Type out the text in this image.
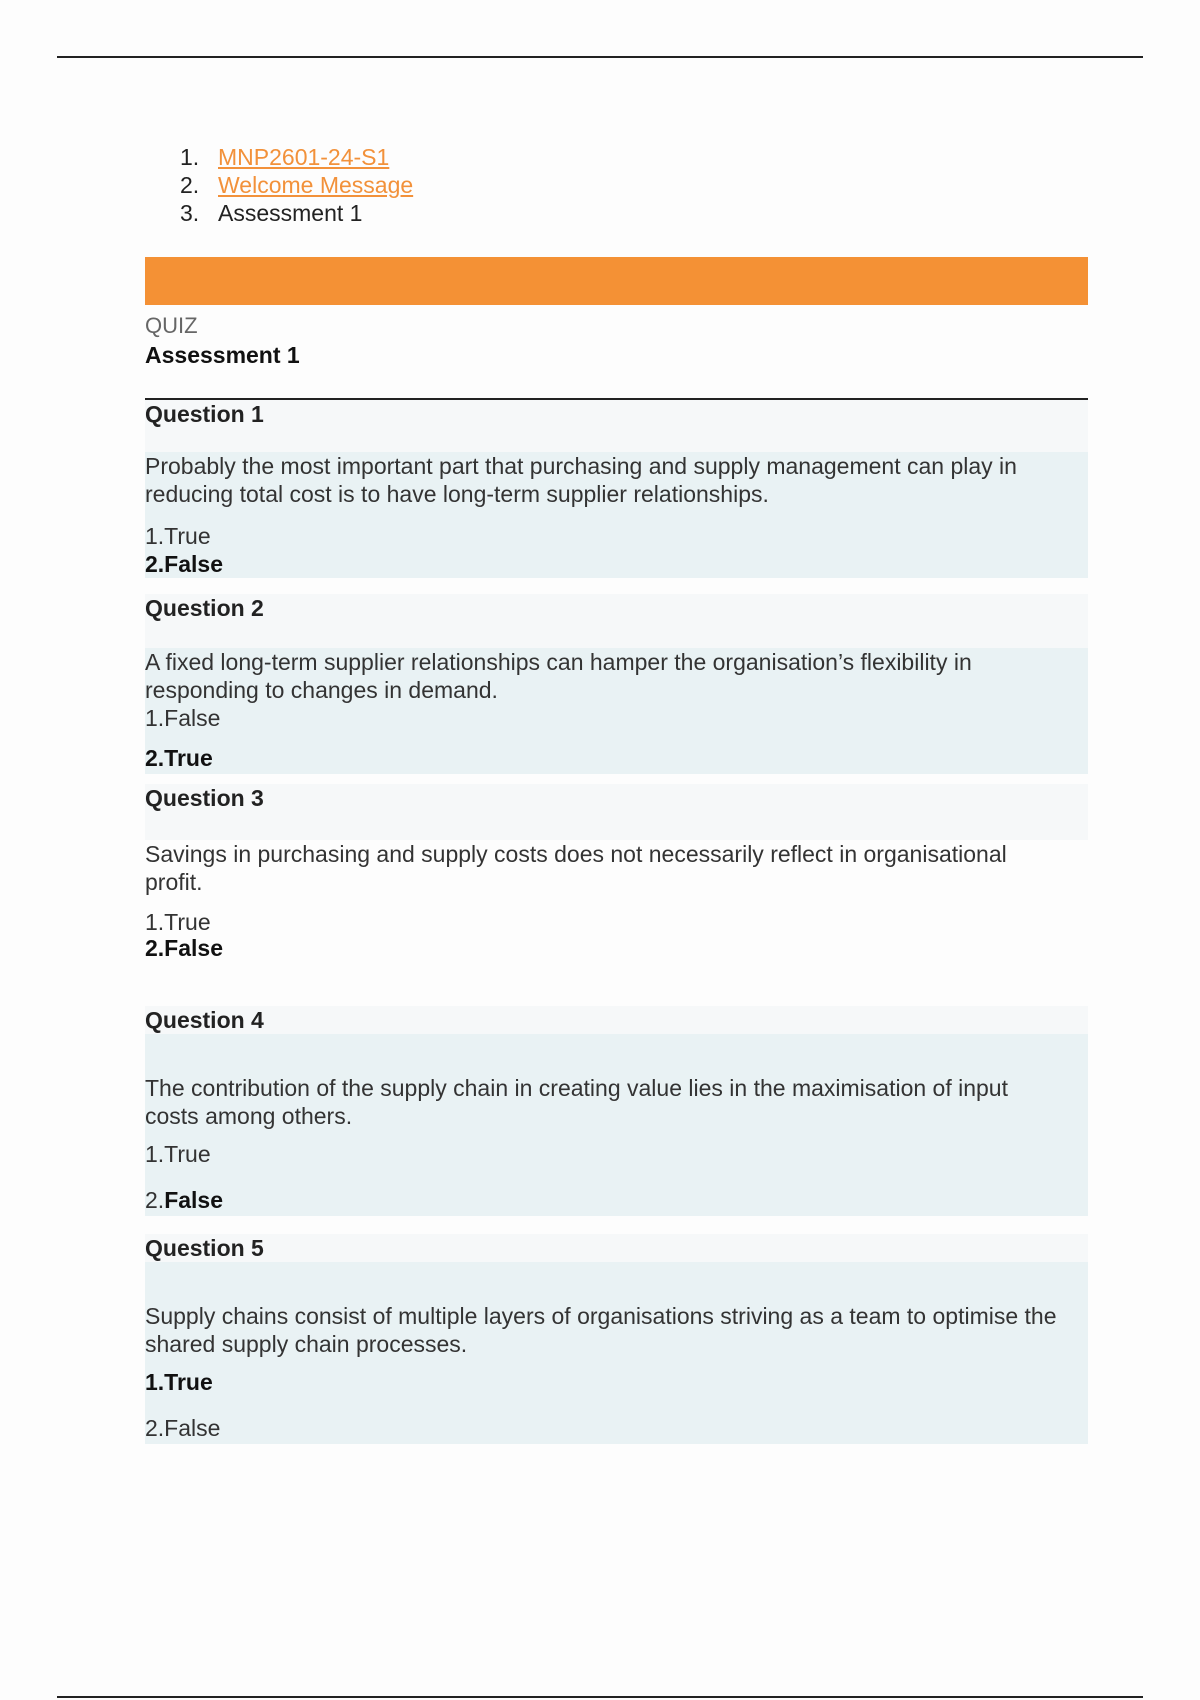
1. MNP2601-24-S1
2. Welcome Message
3. Assessment 1
QUIZ
Assessment 1
Question 1

Probably the most important part that purchasing and supply management can play in reducing total cost is to have long-term supplier relationships.

1.True
2.False
Question 2

A fixed long-term supplier relationships can hamper the organisation’s flexibility in responding to changes in demand.

1.False
2.True
Question 3

Savings in purchasing and supply costs does not necessarily reflect in organisational profit.

1.True
2.False
Question 4

The contribution of the supply chain in creating value lies in the maximisation of input costs among others.

1.True
2.False
Question 5

Supply chains consist of multiple layers of organisations striving as a team to optimise the shared supply chain processes.

1.True
2.False
